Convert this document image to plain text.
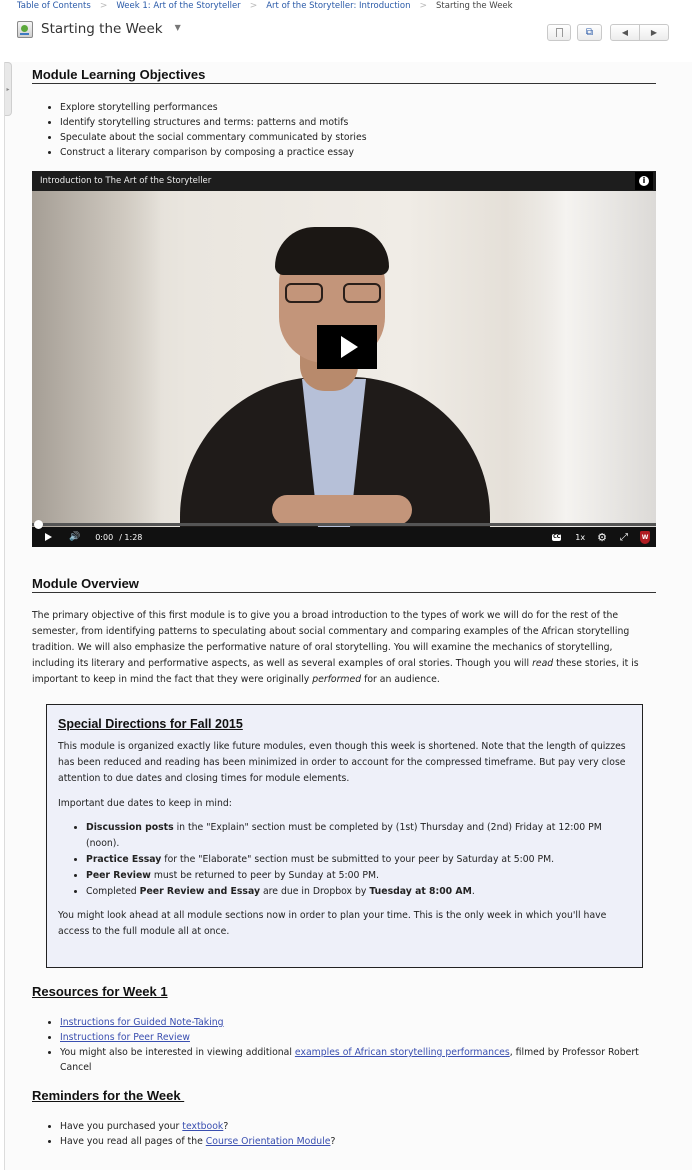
Table of Contents > Week 1: Art of the Storyteller > Art of the Storyteller: Introduction > Starting the Week
Starting the Week ▼	⧉	◀	▶
▸
Module Learning Objectives
• Explore storytelling performances
• Identify storytelling structures and terms: patterns and motifs
• Speculate about the social commentary communicated by stories
• Construct a literary comparison by composing a practice essay
Introduction to The Art of the Storyteller	i
🔊 0:00 / 1:28	CC 1x ⚙ ⤢ W
Module Overview

The primary objective of this first module is to give you a broad introduction to the types of work we will do for the rest of the semester, from identifying patterns to speculating about social commentary and comparing examples of the African storytelling tradition. We will also emphasize the performative nature of oral storytelling. You will examine the mechanics of storytelling, including its literary and performative aspects, as well as several examples of oral stories. Though you will read these stories, it is important to keep in mind the fact that they were originally performed for an audience.

Special Directions for Fall 2015

This module is organized exactly like future modules, even though this week is shortened. Note that the length of quizzes has been reduced and reading has been minimized in order to account for the compressed timeframe. But pay very close attention to due dates and closing times for module elements.

Important due dates to keep in mind:

• Discussion posts in the "Explain" section must be completed by (1st) Thursday and (2nd) Friday at 12:00 PM (noon).
• Practice Essay for the "Elaborate" section must be submitted to your peer by Saturday at 5:00 PM.
• Peer Review must be returned to peer by Sunday at 5:00 PM.
• Completed Peer Review and Essay are due in Dropbox by Tuesday at 8:00 AM.

You might look ahead at all module sections now in order to plan your time. This is the only week in which you'll have access to the full module all at once.

Resources for Week 1
• Instructions for Guided Note-Taking
• Instructions for Peer Review
• You might also be interested in viewing additional examples of African storytelling performances, filmed by Professor Robert Cancel
Reminders for the Week
• Have you purchased your textbook?
• Have you read all pages of the Course Orientation Module?
